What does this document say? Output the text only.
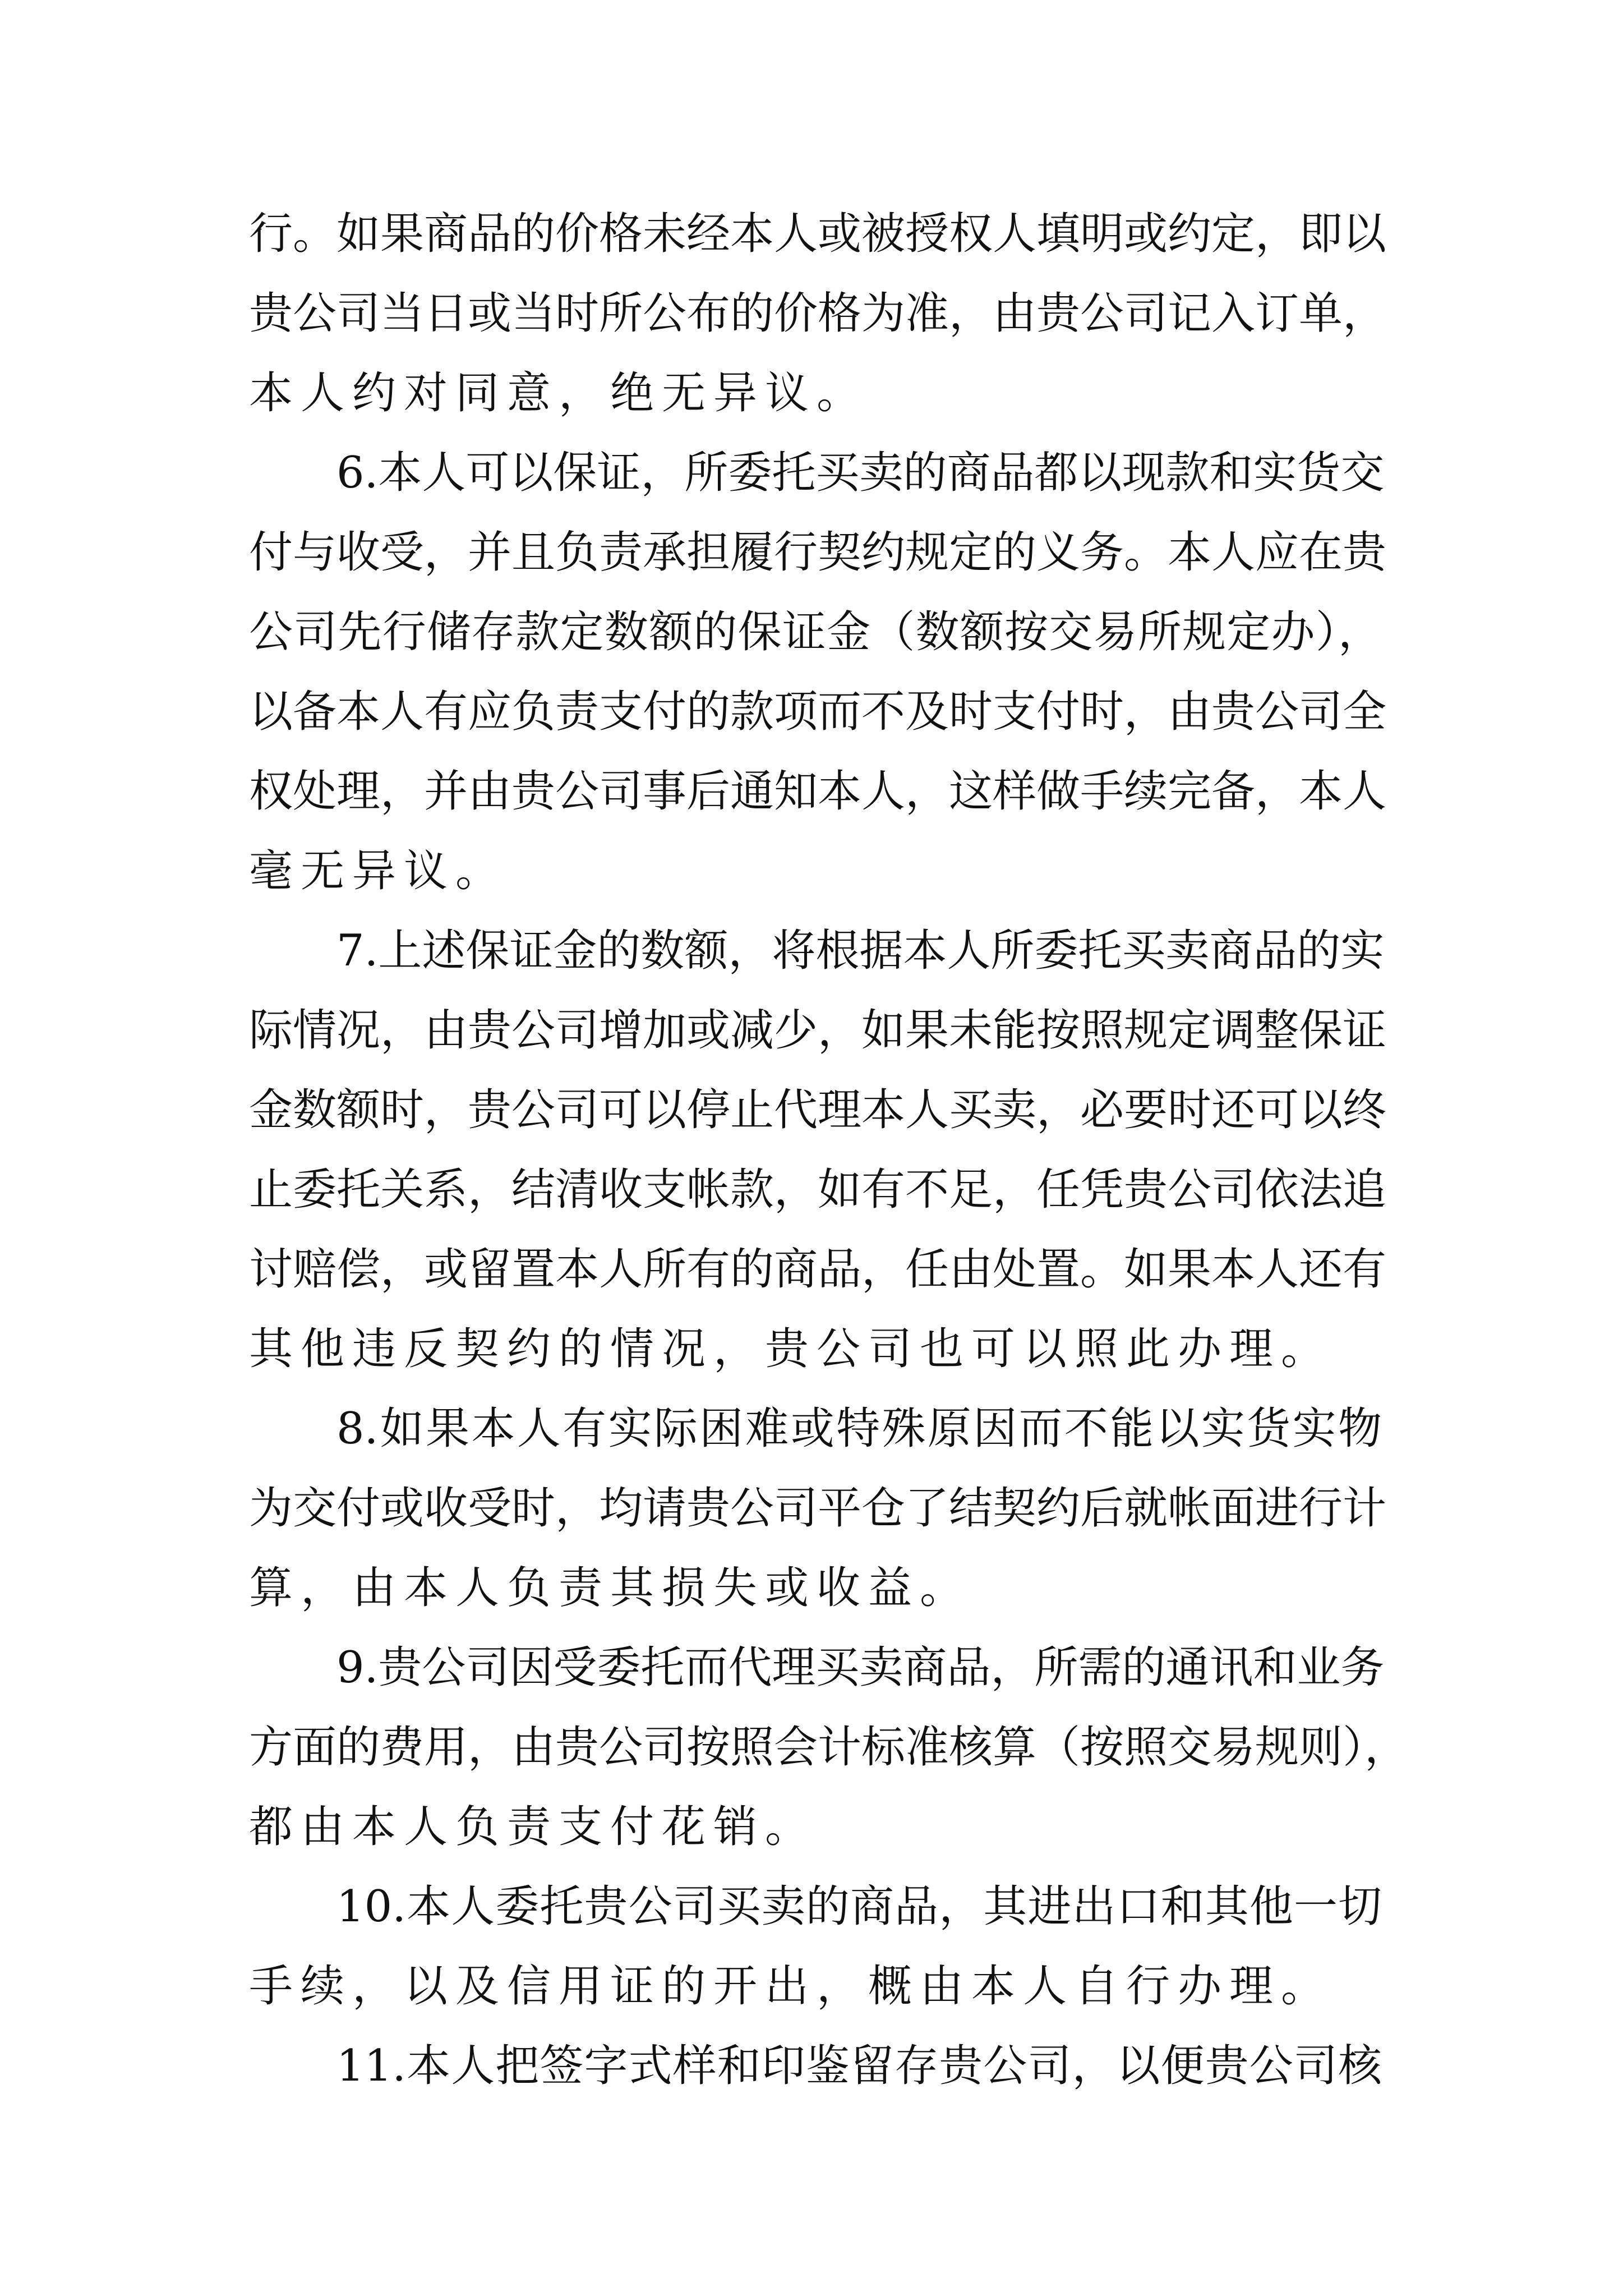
行。如果商品的价格未经本人或被授权人填明或约定，即以
贵公司当日或当时所公布的价格为准，由贵公司记入订单，
本人约对同意，绝无异议。
6.本人可以保证，所委托买卖的商品都以现款和实货交
付与收受，并且负责承担履行契约规定的义务。本人应在贵
公司先行储存款定数额的保证金（数额按交易所规定办），
以备本人有应负责支付的款项而不及时支付时，由贵公司全
权处理，并由贵公司事后通知本人，这样做手续完备，本人
毫无异议。
7.上述保证金的数额，将根据本人所委托买卖商品的实
际情况，由贵公司增加或减少，如果未能按照规定调整保证
金数额时，贵公司可以停止代理本人买卖，必要时还可以终
止委托关系，结清收支帐款，如有不足，任凭贵公司依法追
讨赔偿，或留置本人所有的商品，任由处置。如果本人还有
其他违反契约的情况，贵公司也可以照此办理。
8.如果本人有实际困难或特殊原因而不能以实货实物
为交付或收受时，均请贵公司平仓了结契约后就帐面进行计
算，由本人负责其损失或收益。
9.贵公司因受委托而代理买卖商品，所需的通讯和业务
方面的费用，由贵公司按照会计标准核算（按照交易规则），
都由本人负责支付花销。
10.本人委托贵公司买卖的商品，其进出口和其他一切
手续，以及信用证的开出，概由本人自行办理。
11.本人把签字式样和印鉴留存贵公司，以便贵公司核
